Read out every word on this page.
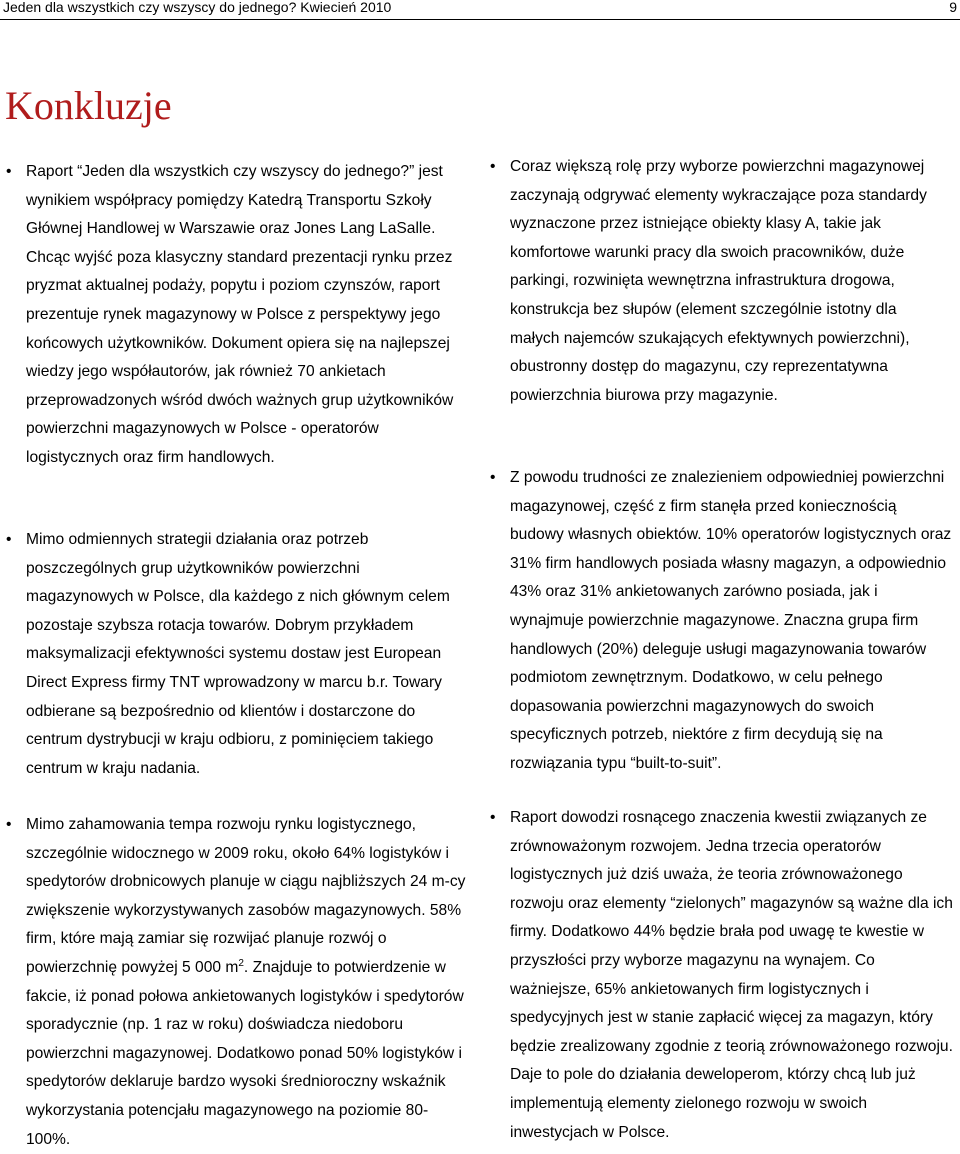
Jeden dla wszystkich czy wszyscy do jednego? Kwiecień 2010	9
Konkluzje

• Raport “Jeden dla wszystkich czy wszyscy do jednego?” jest wynikiem współpracy pomiędzy Katedrą Transportu Szkoły Głównej Handlowej w Warszawie oraz Jones Lang LaSalle. Chcąc wyjść poza klasyczny standard prezentacji rynku przez pryzmat aktualnej podaży, popytu i poziom czynszów, raport prezentuje rynek magazynowy w Polsce z perspektywy jego końcowych użytkowników. Dokument opiera się na najlepszej wiedzy jego współautorów, jak również 70 ankietach przeprowadzonych wśród dwóch ważnych grup użytkowników powierzchni magazynowych w Polsce - operatorów logistycznych oraz firm handlowych.

• Mimo odmiennych strategii działania oraz potrzeb poszczególnych grup użytkowników powierzchni magazynowych w Polsce, dla każdego z nich głównym celem pozostaje szybsza rotacja towarów. Dobrym przykładem maksymalizacji efektywności systemu dostaw jest European Direct Express firmy TNT wprowadzony w marcu b.r. Towary odbierane są bezpośrednio od klientów i dostarczone do centrum dystrybucji w kraju odbioru, z pominięciem takiego centrum w kraju nadania.

• Mimo zahamowania tempa rozwoju rynku logistycznego, szczególnie widocznego w 2009 roku, około 64% logistyków i spedytorów drobnicowych planuje w ciągu najbliższych 24 m-cy zwiększenie wykorzystywanych zasobów magazynowych. 58% firm, które mają zamiar się rozwijać planuje rozwój o powierzchnię powyżej 5 000 $m^2$. Znajduje to potwierdzenie w fakcie, iż ponad połowa ankietowanych logistyków i spedytorów sporadycznie (np. 1 raz w roku) doświadcza niedoboru powierzchni magazynowej. Dodatkowo ponad 50% logistyków i spedytorów deklaruje bardzo wysoki średnioroczny wskaźnik wykorzystania potencjału magazynowego na poziomie 80-100%.

• Coraz większą rolę przy wyborze powierzchni magazynowej zaczynają odgrywać elementy wykraczające poza standardy wyznaczone przez istniejące obiekty klasy A, takie jak komfortowe warunki pracy dla swoich pracowników, duże parkingi, rozwinięta wewnętrzna infrastruktura drogowa, konstrukcja bez słupów (element szczególnie istotny dla małych najemców szukających efektywnych powierzchni), obustronny dostęp do magazynu, czy reprezentatywna powierzchnia biurowa przy magazynie.

• Z powodu trudności ze znalezieniem odpowiedniej powierzchni magazynowej, część z firm stanęła przed koniecznością budowy własnych obiektów. 10% operatorów logistycznych oraz 31% firm handlowych posiada własny magazyn, a odpowiednio 43% oraz 31% ankietowanych zarówno posiada, jak i wynajmuje powierzchnie magazynowe. Znaczna grupa firm handlowych (20%) deleguje usługi magazynowania towarów podmiotom zewnętrznym. Dodatkowo, w celu pełnego dopasowania powierzchni magazynowych do swoich specyficznych potrzeb, niektóre z firm decydują się na rozwiązania typu “built-to-suit”.

• Raport dowodzi rosnącego znaczenia kwestii związanych ze zrównoważonym rozwojem. Jedna trzecia operatorów logistycznych już dziś uważa, że teoria zrównoważonego rozwoju oraz elementy “zielonych” magazynów są ważne dla ich firmy. Dodatkowo 44% będzie brała pod uwagę te kwestie w przyszłości przy wyborze magazynu na wynajem. Co ważniejsze, 65% ankietowanych firm logistycznych i spedycyjnych jest w stanie zapłacić więcej za magazyn, który będzie zrealizowany zgodnie z teorią zrównoważonego rozwoju. Daje to pole do działania deweloperom, którzy chcą lub już implementują elementy zielonego rozwoju w swoich inwestycjach w Polsce.
